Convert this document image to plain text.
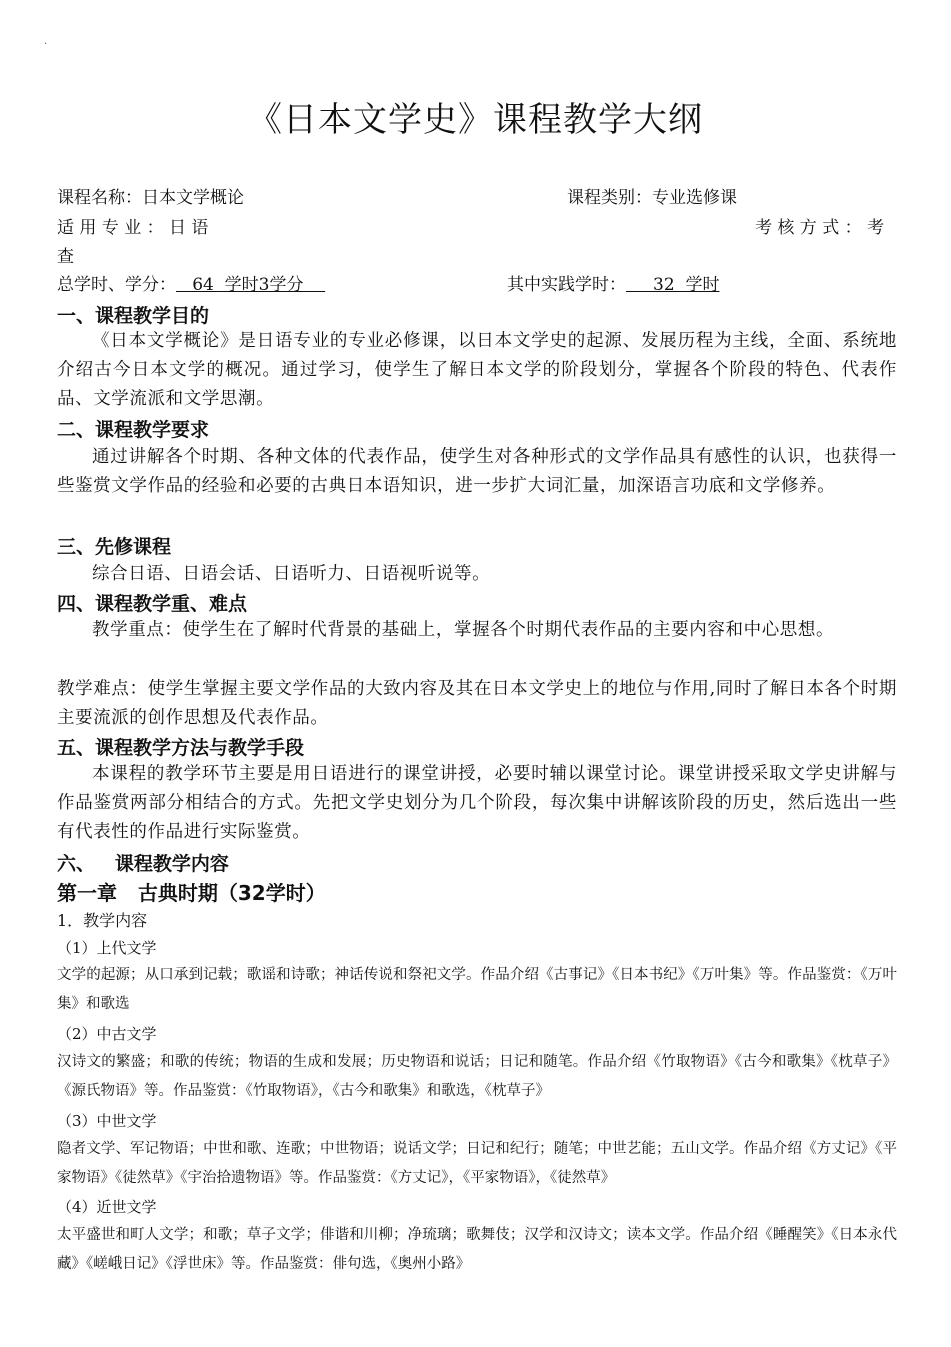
.
《日本文学史》课程教学大纲
课程名称：日本文学概论	课程类别：专业选修课
适 用 专 业 ： 日 语	考 核 方 式 ： 考
查
总学时、学分：   64  学时3学分	其中实践学时：     32  学时
一、课程教学目的
《日本文学概论》是日语专业的专业必修课，以日本文学史的起源、发展历程为主线，全面、系统地介绍古今日本文学的概况。通过学习，使学生了解日本文学的阶段划分，掌握各个阶段的特色、代表作品、文学流派和文学思潮。
二、课程教学要求
通过讲解各个时期、各种文体的代表作品，使学生对各种形式的文学作品具有感性的认识，也获得一些鉴赏文学作品的经验和必要的古典日本语知识，进一步扩大词汇量，加深语言功底和文学修养。
三、先修课程
综合日语、日语会话、日语听力、日语视听说等。
四、课程教学重、难点
教学重点：使学生在了解时代背景的基础上，掌握各个时期代表作品的主要内容和中心思想。
教学难点：使学生掌握主要文学作品的大致内容及其在日本文学史上的地位与作用,同时了解日本各个时期主要流派的创作思想及代表作品。
五、课程教学方法与教学手段
本课程的教学环节主要是用日语进行的课堂讲授，必要时辅以课堂讨论。课堂讲授采取文学史讲解与作品鉴赏两部分相结合的方式。先把文学史划分为几个阶段，每次集中讲解该阶段的历史，然后选出一些有代表性的作品进行实际鉴赏。
六、   课程教学内容
第一章   古典时期（32学时）
1．教学内容
（1）上代文学
文学的起源；从口承到记载；歌谣和诗歌；神话传说和祭祀文学。作品介绍《古事记》《日本书纪》《万叶集》等。作品鉴赏：《万叶集》和歌选
（2）中古文学
汉诗文的繁盛；和歌的传统；物语的生成和发展；历史物语和说话；日记和随笔。作品介绍《竹取物语》《古今和歌集》《枕草子》《源氏物语》等。作品鉴赏：《竹取物语》，《古今和歌集》和歌选，《枕草子》
（3）中世文学
隐者文学、军记物语；中世和歌、连歌；中世物语；说话文学；日记和纪行；随笔；中世艺能；五山文学。作品介绍《方丈记》《平家物语》《徒然草》《宇治拾遗物语》等。作品鉴赏：《方丈记》，《平家物语》，《徒然草》
（4）近世文学
太平盛世和町人文学；和歌；草子文学；俳谐和川柳；净琉璃；歌舞伎；汉学和汉诗文；读本文学。作品介绍《睡醒笑》《日本永代藏》《嵯峨日记》《浮世床》等。作品鉴赏：俳句选，《奥州小路》
